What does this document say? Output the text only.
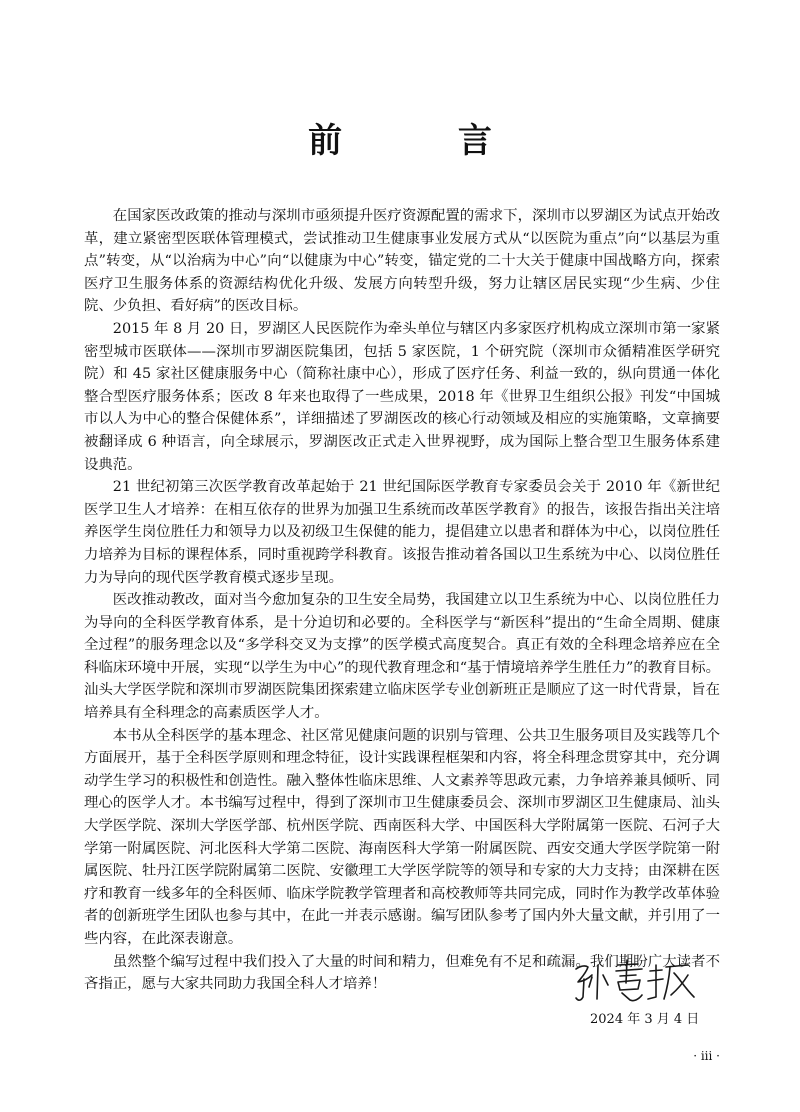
前 言

在国家医改政策的推动与深圳市亟须提升医疗资源配置的需求下，深圳市以罗湖区为试点开始改革，建立紧密型医联体管理模式，尝试推动卫生健康事业发展方式从“以医院为重点”向“以基层为重点”转变，从“以治病为中心”向“以健康为中心”转变，锚定党的二十大关于健康中国战略方向，探索医疗卫生服务体系的资源结构优化升级、发展方向转型升级，努力让辖区居民实现“少生病、少住院、少负担、看好病”的医改目标。

2015 年 8 月 20 日，罗湖区人民医院作为牵头单位与辖区内多家医疗机构成立深圳市第一家紧密型城市医联体——深圳市罗湖医院集团，包括 5 家医院，1 个研究院（深圳市众循精准医学研究院）和 45 家社区健康服务中心（简称社康中心），形成了医疗任务、利益一致的，纵向贯通一体化整合型医疗服务体系；医改 8 年来也取得了一些成果，2018 年《世界卫生组织公报》刊发“中国城市以人为中心的整合保健体系”，详细描述了罗湖医改的核心行动领域及相应的实施策略，文章摘要被翻译成 6 种语言，向全球展示，罗湖医改正式走入世界视野，成为国际上整合型卫生服务体系建设典范。

21 世纪初第三次医学教育改革起始于 21 世纪国际医学教育专家委员会关于 2010 年《新世纪医学卫生人才培养：在相互依存的世界为加强卫生系统而改革医学教育》的报告，该报告指出关注培养医学生岗位胜任力和领导力以及初级卫生保健的能力，提倡建立以患者和群体为中心，以岗位胜任力培养为目标的课程体系，同时重视跨学科教育。该报告推动着各国以卫生系统为中心、以岗位胜任力为导向的现代医学教育模式逐步呈现。

医改推动教改，面对当今愈加复杂的卫生安全局势，我国建立以卫生系统为中心、以岗位胜任力为导向的全科医学教育体系，是十分迫切和必要的。全科医学与“新医科”提出的“生命全周期、健康全过程”的服务理念以及“多学科交叉为支撑”的医学模式高度契合。真正有效的全科理念培养应在全科临床环境中开展，实现“以学生为中心”的现代教育理念和“基于情境培养学生胜任力”的教育目标。汕头大学医学院和深圳市罗湖医院集团探索建立临床医学专业创新班正是顺应了这一时代背景，旨在培养具有全科理念的高素质医学人才。

本书从全科医学的基本理念、社区常见健康问题的识别与管理、公共卫生服务项目及实践等几个方面展开，基于全科医学原则和理念特征，设计实践课程框架和内容，将全科理念贯穿其中，充分调动学生学习的积极性和创造性。融入整体性临床思维、人文素养等思政元素，力争培养兼具倾听、同理心的医学人才。本书编写过程中，得到了深圳市卫生健康委员会、深圳市罗湖区卫生健康局、汕头大学医学院、深圳大学医学部、杭州医学院、西南医科大学、中国医科大学附属第一医院、石河子大学第一附属医院、河北医科大学第二医院、海南医科大学第一附属医院、西安交通大学医学院第一附属医院、牡丹江医学院附属第二医院、安徽理工大学医学院等的领导和专家的大力支持；由深耕在医疗和教育一线多年的全科医师、临床学院教学管理者和高校教师等共同完成，同时作为教学改革体验者的创新班学生团队也参与其中，在此一并表示感谢。编写团队参考了国内外大量文献，并引用了一些内容，在此深表谢意。

虽然整个编写过程中我们投入了大量的时间和精力，但难免有不足和疏漏。我们期盼广大读者不吝指正，愿与大家共同助力我国全科人才培养！

2024 年 3 月 4 日
· iii ·
